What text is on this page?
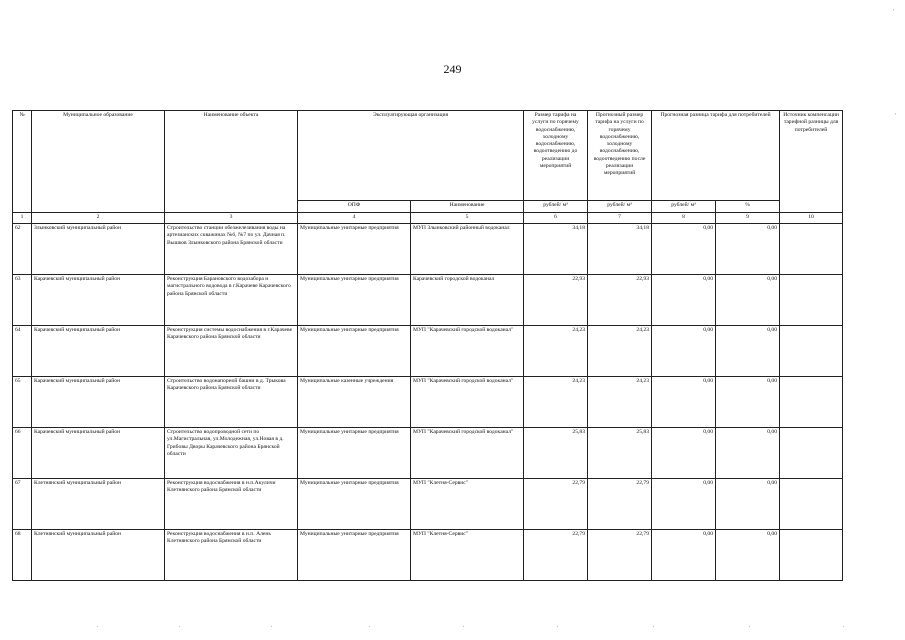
249
№	Муниципальное образование	Наименование объекта	Эксплуатирующая организация		Размер тарифа на услуги по горячему водоснабжению, холодному водоснабжению, водоотведению до реализации мероприятий	Прогнозный размер тарифа на услуги по горячему водоснабжению, холодному водоснабжению, водоотведению после реализации мероприятий	Прогнозная разница тарифа для потребителей		Источник компенсации тарифной разницы для потребителей
			ОПФ	Наименование	рублей/ м³	рублей/ м³	рублей/ м³	%	
1	2	3	4	5	6	7	8	9	10
62	Злынковский муниципальный район	Строительство станции обезжелезивания воды на артезианских скважинах №6, №7 по ул. Дачная п. Вышков Злынковского района Брянской области	Муниципальные унитарные предприятия	МУП Злынковский районный водоканал	34,18	34,18	0,00	0,00	
63	Карачевский муниципальный район	Реконструкция Барановского водозабора и магистрального водовода в г.Карачеве Карачевского района Брянской области	Муниципальные унитарные предприятия	Карачевский городской водоканал	22,93	22,93	0,00	0,00	
64	Карачевский муниципальный район	Реконструкция системы водоснабжения в г.Карачеве Карачевского района Брянской области	Муниципальные унитарные предприятия	МУП "Карачевский городской водоканал"	24,23	24,23	0,00	0,00	
65	Карачевский муниципальный район	Строительство водонапорной башни в д. Трыкова Карачевского района Брянской области	Муниципальные казенные учреждения	МУП "Карачевский городской водоканал"	24,23	24,23	0,00	0,00	
66	Карачевский муниципальный район	Строительство водопроводной сети по ул.Магистральная, ул.Молодежная, ул.Новая в д. Грибовы Дворы Карачевского района Брянской области	Муниципальные унитарные предприятия	МУП "Карачевский городской водоканал"	25,83	25,83	0,00	0,00	
67	Клетнянский муниципальный район	Реконструкция водоснабжения в н.п.Акуличи Клетнянского района Брянской области	Муниципальные унитарные предприятия	МУП "Клетня-Сервис"	22,79	22,79	0,00	0,00	
68	Клетнянский муниципальный район	Реконструкция водоснабжения в н.п. Алень Клетнянского района Брянской области	Муниципальные унитарные предприятия	МУП "Клетня-Сервис"	22,79	22,79	0,00	0,00	
ˈ	ˈ	ˈ	ˈ	ˈ	ˈ	ˈ	ˈ	ˈ
ˈ
ˈ
